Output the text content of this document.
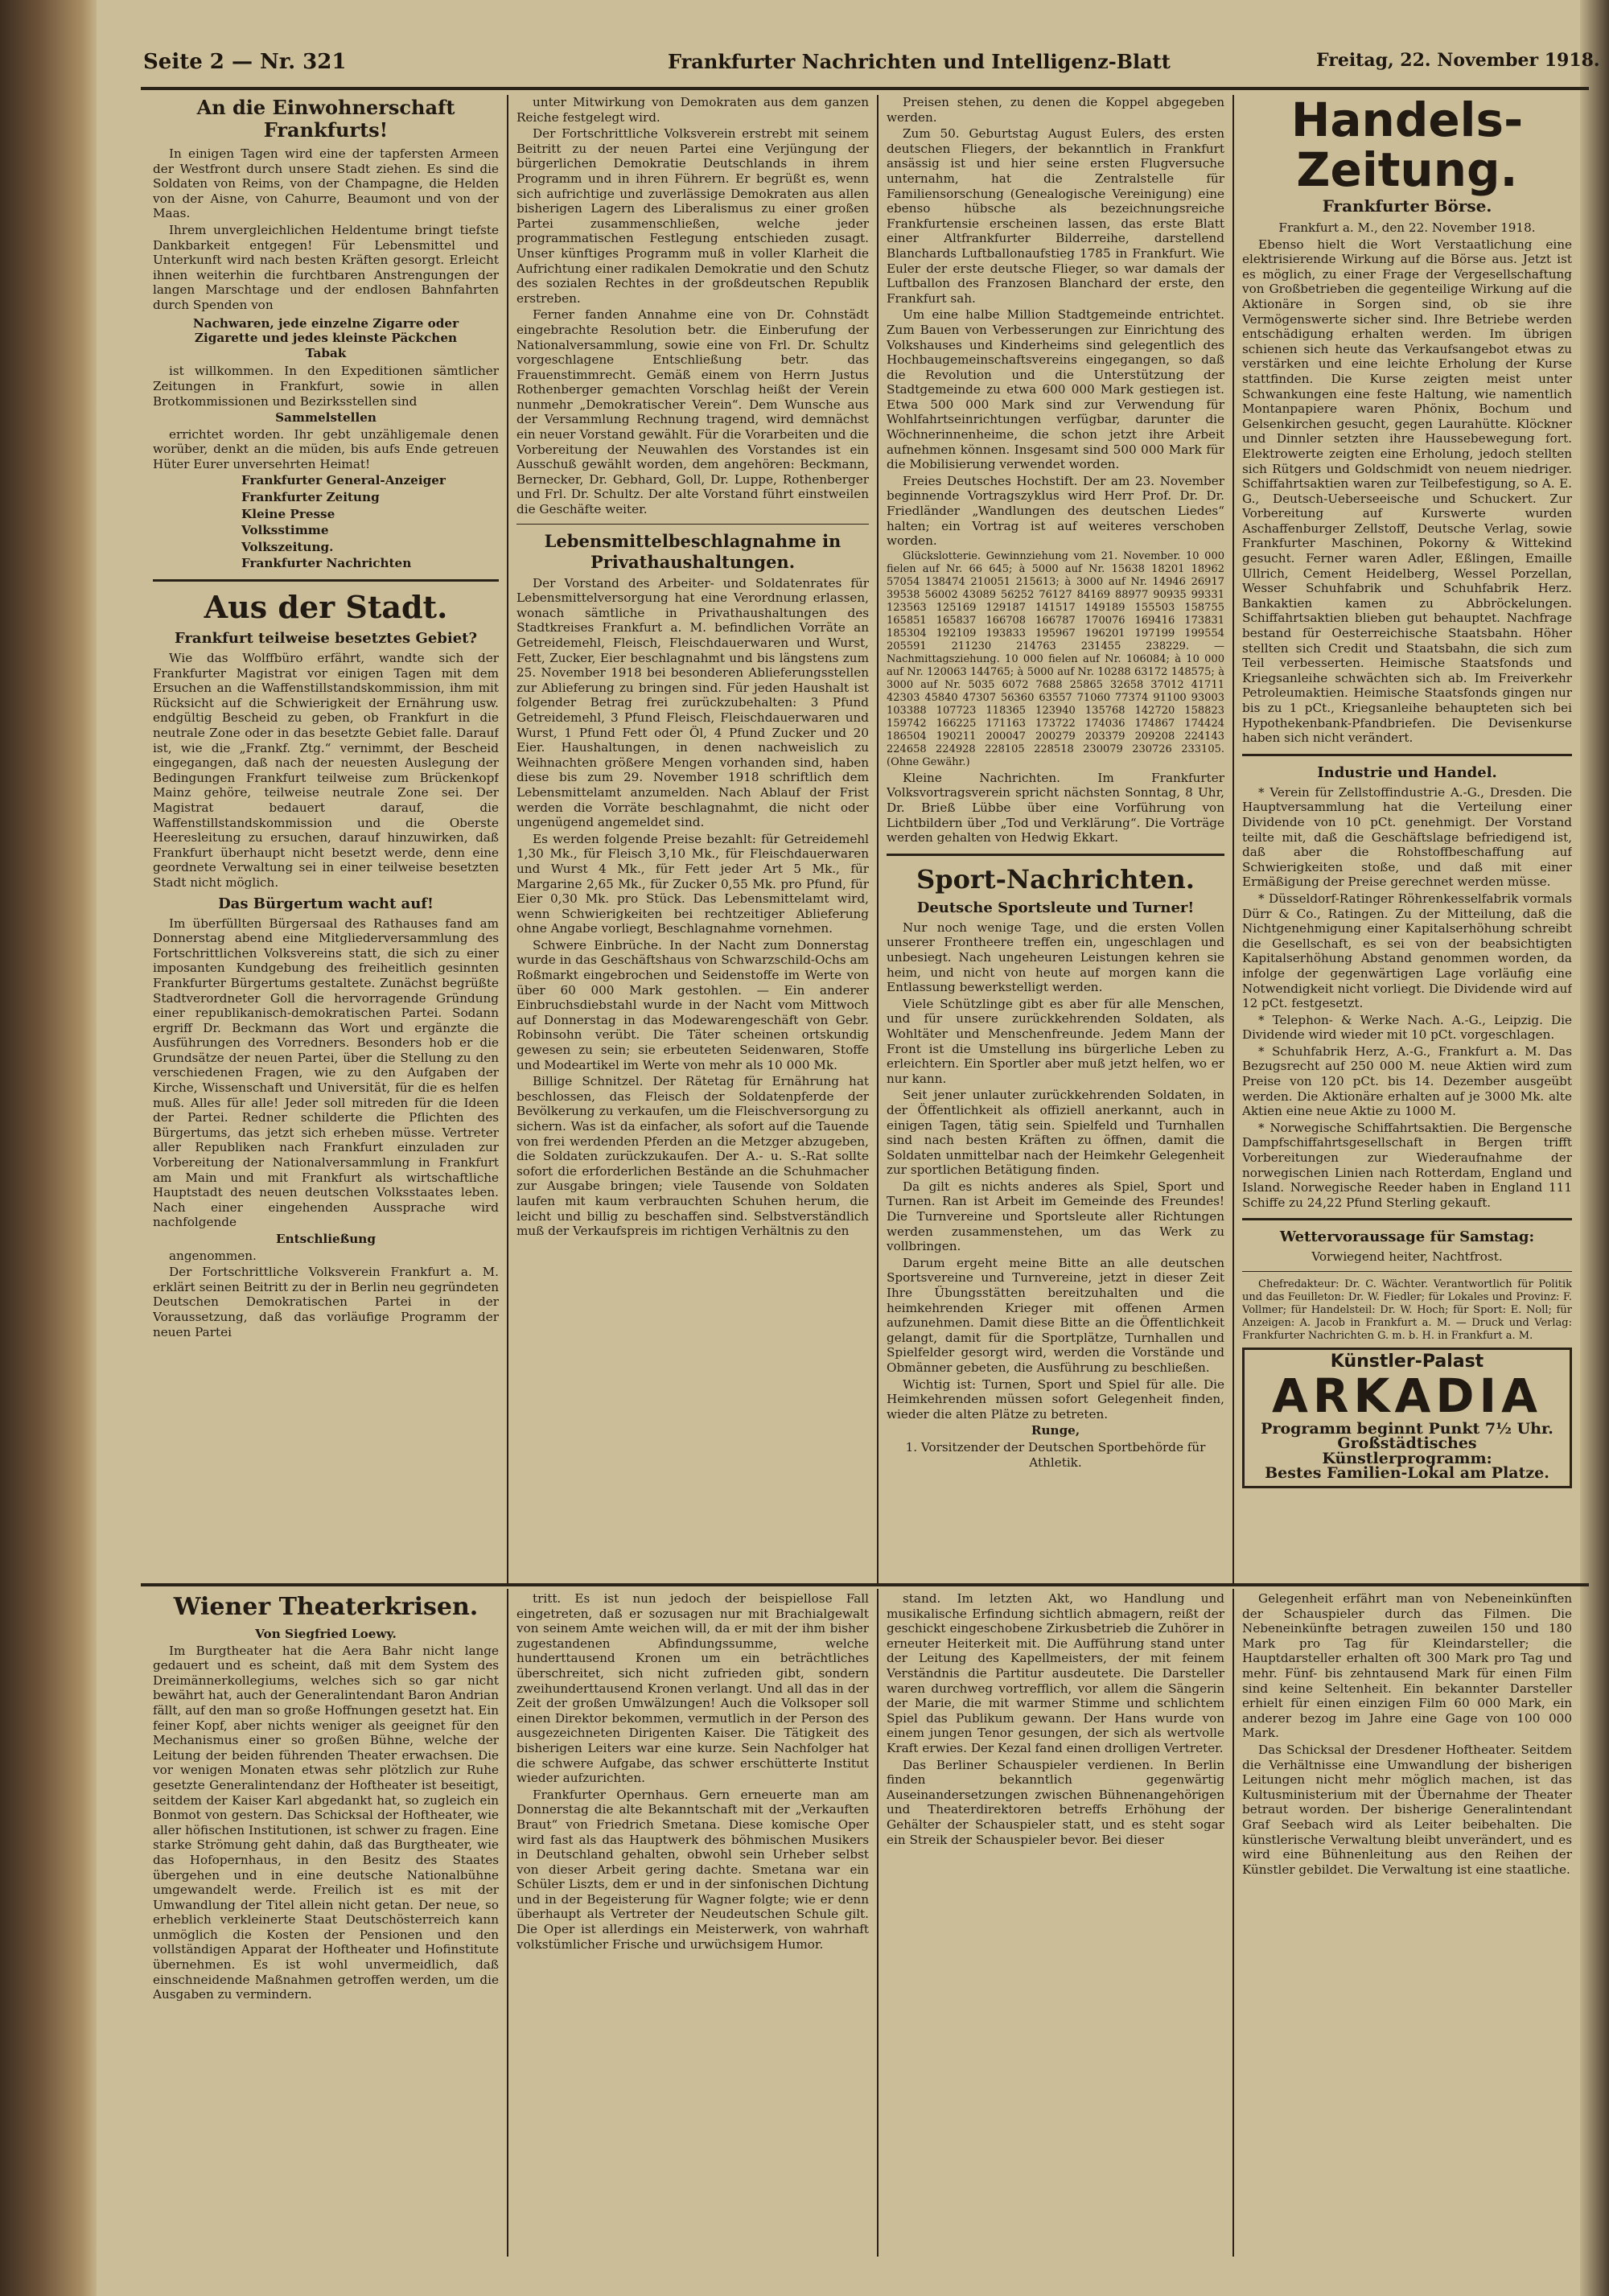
Seite 2 — Nr. 321	Frankfurter Nachrichten und Intelligenz-Blatt	Freitag, 22. November 1918.
An die Einwohnerschaft Frankfurts!

In einigen Tagen wird eine der tapfersten Armeen der Westfront durch unsere Stadt ziehen. Es sind die Soldaten von Reims, von der Champagne, die Helden von der Aisne, von Cahurre, Beaumont und von der Maas.

Ihrem unvergleichlichen Heldentume bringt tiefste Dankbarkeit entgegen! Für Lebensmittel und Unterkunft wird nach besten Kräften gesorgt. Erleicht ihnen weiterhin die furchtbaren Anstrengungen der langen Marschtage und der endlosen Bahnfahrten durch Spenden von

Nachwaren, jede einzelne Zigarre oder Zigarette und jedes kleinste Päckchen Tabak

ist willkommen. In den Expeditionen sämtlicher Zeitungen in Frankfurt, sowie in allen Brotkommissionen und Bezirksstellen sind

Sammelstellen

errichtet worden. Ihr gebt unzähligemale denen worüber, denkt an die müden, bis aufs Ende getreuen Hüter Eurer unversehrten Heimat!

Frankfurter General-Anzeiger

Frankfurter Zeitung

Kleine Presse

Volksstimme

Volkszeitung.

Frankfurter Nachrichten

Aus der Stadt.
Frankfurt teilweise besetztes Gebiet?

Wie das Wolffbüro erfährt, wandte sich der Frankfurter Magistrat vor einigen Tagen mit dem Ersuchen an die Waffenstillstandskommission, ihm mit Rücksicht auf die Schwierigkeit der Ernährung usw. endgültig Bescheid zu geben, ob Frankfurt in die neutrale Zone oder in das besetzte Gebiet falle. Darauf ist, wie die „Frankf. Ztg.“ vernimmt, der Bescheid eingegangen, daß nach der neuesten Auslegung der Bedingungen Frankfurt teilweise zum Brückenkopf Mainz gehöre, teilweise neutrale Zone sei. Der Magistrat bedauert darauf, die Waffenstillstandskommission und die Oberste Heeresleitung zu ersuchen, darauf hinzuwirken, daß Frankfurt überhaupt nicht besetzt werde, denn eine geordnete Verwaltung sei in einer teilweise besetzten Stadt nicht möglich.

Das Bürgertum wacht auf!

Im überfüllten Bürgersaal des Rathauses fand am Donnerstag abend eine Mitgliederversammlung des Fortschrittlichen Volksvereins statt, die sich zu einer imposanten Kundgebung des freiheitlich gesinnten Frankfurter Bürgertums gestaltete. Zunächst begrüßte Stadtverordneter Goll die hervorragende Gründung einer republikanisch-demokratischen Partei. Sodann ergriff Dr. Beckmann das Wort und ergänzte die Ausführungen des Vorredners. Besonders hob er die Grundsätze der neuen Partei, über die Stellung zu den verschiedenen Fragen, wie zu den Aufgaben der Kirche, Wissenschaft und Universität, für die es helfen muß. Alles für alle! Jeder soll mitreden für die Ideen der Partei. Redner schilderte die Pflichten des Bürgertums, das jetzt sich erheben müsse. Vertreter aller Republiken nach Frankfurt einzuladen zur Vorbereitung der Nationalversammlung in Frankfurt am Main und mit Frankfurt als wirtschaftliche Hauptstadt des neuen deutschen Volksstaates leben. Nach einer eingehenden Aussprache wird nachfolgende

Entschließung

angenommen.

Der Fortschrittliche Volksverein Frankfurt a. M. erklärt seinen Beitritt zu der in Berlin neu gegründeten Deutschen Demokratischen Partei in der Voraussetzung, daß das vorläufige Programm der neuen Partei

unter Mitwirkung von Demokraten aus dem ganzen Reiche festgelegt wird.

Der Fortschrittliche Volksverein erstrebt mit seinem Beitritt zu der neuen Partei eine Verjüngung der bürgerlichen Demokratie Deutschlands in ihrem Programm und in ihren Führern. Er begrüßt es, wenn sich aufrichtige und zuverlässige Demokraten aus allen bisherigen Lagern des Liberalismus zu einer großen Partei zusammenschließen, welche jeder programmatischen Festlegung entschieden zusagt. Unser künftiges Programm muß in voller Klarheit die Aufrichtung einer radikalen Demokratie und den Schutz des sozialen Rechtes in der großdeutschen Republik erstreben.

Ferner fanden Annahme eine von Dr. Cohnstädt eingebrachte Resolution betr. die Einberufung der Nationalversammlung, sowie eine von Frl. Dr. Schultz vorgeschlagene Entschließung betr. das Frauenstimmrecht. Gemäß einem von Herrn Justus Rothenberger gemachten Vorschlag heißt der Verein nunmehr „Demokratischer Verein“. Dem Wunsche aus der Versammlung Rechnung tragend, wird demnächst ein neuer Vorstand gewählt. Für die Vorarbeiten und die Vorbereitung der Neuwahlen des Vorstandes ist ein Ausschuß gewählt worden, dem angehören: Beckmann, Bernecker, Dr. Gebhard, Goll, Dr. Luppe, Rothenberger und Frl. Dr. Schultz. Der alte Vorstand führt einstweilen die Geschäfte weiter.

Lebensmittelbeschlagnahme in Privathaushaltungen.

Der Vorstand des Arbeiter- und Soldatenrates für Lebensmittelversorgung hat eine Verordnung erlassen, wonach sämtliche in Privathaushaltungen des Stadtkreises Frankfurt a. M. befindlichen Vorräte an Getreidemehl, Fleisch, Fleischdauerwaren und Wurst, Fett, Zucker, Eier beschlagnahmt und bis längstens zum 25. November 1918 bei besonderen Ablieferungsstellen zur Ablieferung zu bringen sind. Für jeden Haushalt ist folgender Betrag frei zurückzubehalten: 3 Pfund Getreidemehl, 3 Pfund Fleisch, Fleischdauerwaren und Wurst, 1 Pfund Fett oder Öl, 4 Pfund Zucker und 20 Eier. Haushaltungen, in denen nachweislich zu Weihnachten größere Mengen vorhanden sind, haben diese bis zum 29. November 1918 schriftlich dem Lebensmittelamt anzumelden. Nach Ablauf der Frist werden die Vorräte beschlagnahmt, die nicht oder ungenügend angemeldet sind.

Es werden folgende Preise bezahlt: für Getreidemehl 1,30 Mk., für Fleisch 3,10 Mk., für Fleischdauerwaren und Wurst 4 Mk., für Fett jeder Art 5 Mk., für Margarine 2,65 Mk., für Zucker 0,55 Mk. pro Pfund, für Eier 0,30 Mk. pro Stück. Das Lebensmittelamt wird, wenn Schwierigkeiten bei rechtzeitiger Ablieferung ohne Angabe vorliegt, Beschlagnahme vornehmen.

Schwere Einbrüche. In der Nacht zum Donnerstag wurde in das Geschäftshaus von Schwarzschild-Ochs am Roßmarkt eingebrochen und Seidenstoffe im Werte von über 60 000 Mark gestohlen. — Ein anderer Einbruchsdiebstahl wurde in der Nacht vom Mittwoch auf Donnerstag in das Modewarengeschäft von Gebr. Robinsohn verübt. Die Täter scheinen ortskundig gewesen zu sein; sie erbeuteten Seidenwaren, Stoffe und Modeartikel im Werte von mehr als 10 000 Mk.

Billige Schnitzel. Der Rätetag für Ernährung hat beschlossen, das Fleisch der Soldatenpferde der Bevölkerung zu verkaufen, um die Fleischversorgung zu sichern. Was ist da einfacher, als sofort auf die Tauende von frei werdenden Pferden an die Metzger abzugeben, die Soldaten zurückzukaufen. Der A.- u. S.-Rat sollte sofort die erforderlichen Bestände an die Schuhmacher zur Ausgabe bringen; viele Tausende von Soldaten laufen mit kaum verbrauchten Schuhen herum, die leicht und billig zu beschaffen sind. Selbstverständlich muß der Verkaufspreis im richtigen Verhältnis zu den

Preisen stehen, zu denen die Koppel abgegeben werden.

Zum 50. Geburtstag August Eulers, des ersten deutschen Fliegers, der bekanntlich in Frankfurt ansässig ist und hier seine ersten Flugversuche unternahm, hat die Zentralstelle für Familiensorschung (Genealogische Vereinigung) eine ebenso hübsche als bezeichnungsreiche Frankfurtensie erscheinen lassen, das erste Blatt einer Altfrankfurter Bilderreihe, darstellend Blanchards Luftballonaufstieg 1785 in Frankfurt. Wie Euler der erste deutsche Flieger, so war damals der Luftballon des Franzosen Blanchard der erste, den Frankfurt sah.

Um eine halbe Million Stadtgemeinde entrichtet. Zum Bauen von Verbesserungen zur Einrichtung des Volkshauses und Kinderheims sind gelegentlich des Hochbaugemeinschaftsvereins eingegangen, so daß die Revolution und die Unterstützung der Stadtgemeinde zu etwa 600 000 Mark gestiegen ist. Etwa 500 000 Mark sind zur Verwendung für Wohlfahrtseinrichtungen verfügbar, darunter die Wöchnerinnenheime, die schon jetzt ihre Arbeit aufnehmen können. Insgesamt sind 500 000 Mark für die Mobilisierung verwendet worden.

Freies Deutsches Hochstift. Der am 23. November beginnende Vortragszyklus wird Herr Prof. Dr. Dr. Friedländer „Wandlungen des deutschen Liedes“ halten; ein Vortrag ist auf weiteres verschoben worden.

Glückslotterie. Gewinnziehung vom 21. November. 10 000 fielen auf Nr. 66 645; à 5000 auf Nr. 15638 18201 18962 57054 138474 210051 215613; à 3000 auf Nr. 14946 26917 39538 56002 43089 56252 76127 84169 88977 90935 99331 123563 125169 129187 141517 149189 155503 158755 165851 165837 166708 166787 170076 169416 173831 185304 192109 193833 195967 196201 197199 199554 205591 211230 214763 231455 238229. — Nachmittagsziehung. 10 000 fielen auf Nr. 106084; à 10 000 auf Nr. 120063 144765; à 5000 auf Nr. 10288 63172 148575; à 3000 auf Nr. 5035 6072 7688 25865 32658 37012 41711 42303 45840 47307 56360 63557 71060 77374 91100 93003 103388 107723 118365 123940 135768 142720 158823 159742 166225 171163 173722 174036 174867 174424 186504 190211 200047 200279 203379 209208 224143 224658 224928 228105 228518 230079 230726 233105. (Ohne Gewähr.)

Kleine Nachrichten. Im Frankfurter Volksvortragsverein spricht nächsten Sonntag, 8 Uhr, Dr. Brieß Lübbe über eine Vorführung von Lichtbildern über „Tod und Verklärung“. Die Vorträge werden gehalten von Hedwig Ekkart.

Sport-Nachrichten.
Deutsche Sportsleute und Turner!

Nur noch wenige Tage, und die ersten Vollen unserer Frontheere treffen ein, ungeschlagen und unbesiegt. Nach ungeheuren Leistungen kehren sie heim, und nicht von heute auf morgen kann die Entlassung bewerkstelligt werden.

Viele Schützlinge gibt es aber für alle Menschen, und für unsere zurückkehrenden Soldaten, als Wohltäter und Menschenfreunde. Jedem Mann der Front ist die Umstellung ins bürgerliche Leben zu erleichtern. Ein Sportler aber muß jetzt helfen, wo er nur kann.

Seit jener unlauter zurückkehrenden Soldaten, in der Öffentlichkeit als offiziell anerkannt, auch in einigen Tagen, tätig sein. Spielfeld und Turnhallen sind nach besten Kräften zu öffnen, damit die Soldaten unmittelbar nach der Heimkehr Gelegenheit zur sportlichen Betätigung finden.

Da gilt es nichts anderes als Spiel, Sport und Turnen. Ran ist Arbeit im Gemeinde des Freundes! Die Turnvereine und Sportsleute aller Richtungen werden zusammenstehen, um das Werk zu vollbringen.

Darum ergeht meine Bitte an alle deutschen Sportsvereine und Turnvereine, jetzt in dieser Zeit Ihre Übungsstätten bereitzuhalten und die heimkehrenden Krieger mit offenen Armen aufzunehmen. Damit diese Bitte an die Öffentlichkeit gelangt, damit für die Sportplätze, Turnhallen und Spielfelder gesorgt wird, werden die Vorstände und Obmänner gebeten, die Ausführung zu beschließen.

Wichtig ist: Turnen, Sport und Spiel für alle. Die Heimkehrenden müssen sofort Gelegenheit finden, wieder die alten Plätze zu betreten.

Runge,

1. Vorsitzender der Deutschen Sportbehörde für Athletik.

Handels-Zeitung.
Frankfurter Börse.

Frankfurt a. M., den 22. November 1918.

Ebenso hielt die Wort Verstaatlichung eine elektrisierende Wirkung auf die Börse aus. Jetzt ist es möglich, zu einer Frage der Vergesellschaftung von Großbetrieben die gegenteilige Wirkung auf die Aktionäre in Sorgen sind, ob sie ihre Vermögenswerte sicher sind. Ihre Betriebe werden entschädigung erhalten werden. Im übrigen schienen sich heute das Verkaufsangebot etwas zu verstärken und eine leichte Erholung der Kurse stattfinden. Die Kurse zeigten meist unter Schwankungen eine feste Haltung, wie namentlich Montanpapiere waren Phönix, Bochum und Gelsenkirchen gesucht, gegen Laurahütte. Klöckner und Dinnler setzten ihre Haussebewegung fort. Elektrowerte zeigten eine Erholung, jedoch stellten sich Rütgers und Goldschmidt von neuem niedriger. Schiffahrtsaktien waren zur Teilbefestigung, so A. E. G., Deutsch-Ueberseeische und Schuckert. Zur Vorbereitung auf Kurswerte wurden Aschaffenburger Zellstoff, Deutsche Verlag, sowie Frankfurter Maschinen, Pokorny & Wittekind gesucht. Ferner waren Adler, Eßlingen, Emaille Ullrich, Cement Heidelberg, Wessel Porzellan, Wesser Schuhfabrik und Schuhfabrik Herz. Bankaktien kamen zu Abbröckelungen. Schiffahrtsaktien blieben gut behauptet. Nachfrage bestand für Oesterreichische Staatsbahn. Höher stellten sich Credit und Staatsbahn, die sich zum Teil verbesserten. Heimische Staatsfonds und Kriegsanleihe schwächten sich ab. Im Freiverkehr Petroleumaktien. Heimische Staatsfonds gingen nur bis zu 1 pCt., Kriegsanleihe behaupteten sich bei Hypothekenbank-Pfandbriefen. Die Devisenkurse haben sich nicht verändert.

Industrie und Handel.

* Verein für Zellstoffindustrie A.-G., Dresden. Die Hauptversammlung hat die Verteilung einer Dividende von 10 pCt. genehmigt. Der Vorstand teilte mit, daß die Geschäftslage befriedigend ist, daß aber die Rohstoffbeschaffung auf Schwierigkeiten stoße, und daß mit einer Ermäßigung der Preise gerechnet werden müsse.

* Düsseldorf-Ratinger Röhrenkesselfabrik vormals Dürr & Co., Ratingen. Zu der Mitteilung, daß die Nichtgenehmigung einer Kapitalserhöhung schreibt die Gesellschaft, es sei von der beabsichtigten Kapitalserhöhung Abstand genommen worden, da infolge der gegenwärtigen Lage vorläufig eine Notwendigkeit nicht vorliegt. Die Dividende wird auf 12 pCt. festgesetzt.

* Telephon- & Werke Nach. A.-G., Leipzig. Die Dividende wird wieder mit 10 pCt. vorgeschlagen.

* Schuhfabrik Herz, A.-G., Frankfurt a. M. Das Bezugsrecht auf 250 000 M. neue Aktien wird zum Preise von 120 pCt. bis 14. Dezember ausgeübt werden. Die Aktionäre erhalten auf je 3000 Mk. alte Aktien eine neue Aktie zu 1000 M.

* Norwegische Schiffahrtsaktien. Die Bergensche Dampfschiffahrtsgesellschaft in Bergen trifft Vorbereitungen zur Wiederaufnahme der norwegischen Linien nach Rotterdam, England und Island. Norwegische Reeder haben in England 111 Schiffe zu 24,22 Pfund Sterling gekauft.

Wettervoraussage für Samstag:

Vorwiegend heiter, Nachtfrost.

Chefredakteur: Dr. C. Wächter. Verantwortlich für Politik und das Feuilleton: Dr. W. Fiedler; für Lokales und Provinz: F. Vollmer; für Handelsteil: Dr. W. Hoch; für Sport: E. Noll; für Anzeigen: A. Jacob in Frankfurt a. M. — Druck und Verlag: Frankfurter Nachrichten G. m. b. H. in Frankfurt a. M.

Künstler-Palast
ARKADIA
Programm beginnt Punkt 7½ Uhr.
Großstädtisches Künstlerprogramm:
Bestes Familien-Lokal am Platze.
Wiener Theaterkrisen.

Von Siegfried Loewy.

Im Burgtheater hat die Aera Bahr nicht lange gedauert und es scheint, daß mit dem System des Dreimännerkollegiums, welches sich so gar nicht bewährt hat, auch der Generalintendant Baron Andrian fällt, auf den man so große Hoffnungen gesetzt hat. Ein feiner Kopf, aber nichts weniger als geeignet für den Mechanismus einer so großen Bühne, welche der Leitung der beiden führenden Theater erwachsen. Die vor wenigen Monaten etwas sehr plötzlich zur Ruhe gesetzte Generalintendanz der Hoftheater ist beseitigt, seitdem der Kaiser Karl abgedankt hat, so zugleich ein Bonmot von gestern. Das Schicksal der Hoftheater, wie aller höfischen Institutionen, ist schwer zu fragen. Eine starke Strömung geht dahin, daß das Burgtheater, wie das Hofopernhaus, in den Besitz des Staates übergehen und in eine deutsche Nationalbühne umgewandelt werde. Freilich ist es mit der Umwandlung der Titel allein nicht getan. Der neue, so erheblich verkleinerte Staat Deutschösterreich kann unmöglich die Kosten der Pensionen und den vollständigen Apparat der Hoftheater und Hofinstitute übernehmen. Es ist wohl unvermeidlich, daß einschneidende Maßnahmen getroffen werden, um die Ausgaben zu vermindern.

tritt. Es ist nun jedoch der beispiellose Fall eingetreten, daß er sozusagen nur mit Brachialgewalt von seinem Amte weichen will, da er mit der ihm bisher zugestandenen Abfindungssumme, welche hunderttausend Kronen um ein beträchtliches überschreitet, sich nicht zufrieden gibt, sondern zweihunderttausend Kronen verlangt. Und all das in der Zeit der großen Umwälzungen! Auch die Volksoper soll einen Direktor bekommen, vermutlich in der Person des ausgezeichneten Dirigenten Kaiser. Die Tätigkeit des bisherigen Leiters war eine kurze. Sein Nachfolger hat die schwere Aufgabe, das schwer erschütterte Institut wieder aufzurichten.

Frankfurter Opernhaus. Gern erneuerte man am Donnerstag die alte Bekanntschaft mit der „Verkauften Braut“ von Friedrich Smetana. Diese komische Oper wird fast als das Hauptwerk des böhmischen Musikers in Deutschland gehalten, obwohl sein Urheber selbst von dieser Arbeit gering dachte. Smetana war ein Schüler Liszts, dem er und in der sinfonischen Dichtung und in der Begeisterung für Wagner folgte; wie er denn überhaupt als Vertreter der Neudeutschen Schule gilt. Die Oper ist allerdings ein Meisterwerk, von wahrhaft volkstümlicher Frische und urwüchsigem Humor.

stand. Im letzten Akt, wo Handlung und musikalische Erfindung sichtlich abmagern, reißt der geschickt eingeschobene Zirkusbetrieb die Zuhörer in erneuter Heiterkeit mit. Die Aufführung stand unter der Leitung des Kapellmeisters, der mit feinem Verständnis die Partitur ausdeutete. Die Darsteller waren durchweg vortrefflich, vor allem die Sängerin der Marie, die mit warmer Stimme und schlichtem Spiel das Publikum gewann. Der Hans wurde von einem jungen Tenor gesungen, der sich als wertvolle Kraft erwies. Der Kezal fand einen drolligen Vertreter.

Das Berliner Schauspieler verdienen. In Berlin finden bekanntlich gegenwärtig Auseinandersetzungen zwischen Bühnenangehörigen und Theaterdirektoren betreffs Erhöhung der Gehälter der Schauspieler statt, und es steht sogar ein Streik der Schauspieler bevor. Bei dieser

Gelegenheit erfährt man von Nebeneinkünften der Schauspieler durch das Filmen. Die Nebeneinkünfte betragen zuweilen 150 und 180 Mark pro Tag für Kleindarsteller; die Hauptdarsteller erhalten oft 300 Mark pro Tag und mehr. Fünf- bis zehntausend Mark für einen Film sind keine Seltenheit. Ein bekannter Darsteller erhielt für einen einzigen Film 60 000 Mark, ein anderer bezog im Jahre eine Gage von 100 000 Mark.

Das Schicksal der Dresdener Hoftheater. Seitdem die Verhältnisse eine Umwandlung der bisherigen Leitungen nicht mehr möglich machen, ist das Kultusministerium mit der Übernahme der Theater betraut worden. Der bisherige Generalintendant Graf Seebach wird als Leiter beibehalten. Die künstlerische Verwaltung bleibt unverändert, und es wird eine Bühnenleitung aus den Reihen der Künstler gebildet. Die Verwaltung ist eine staatliche.
